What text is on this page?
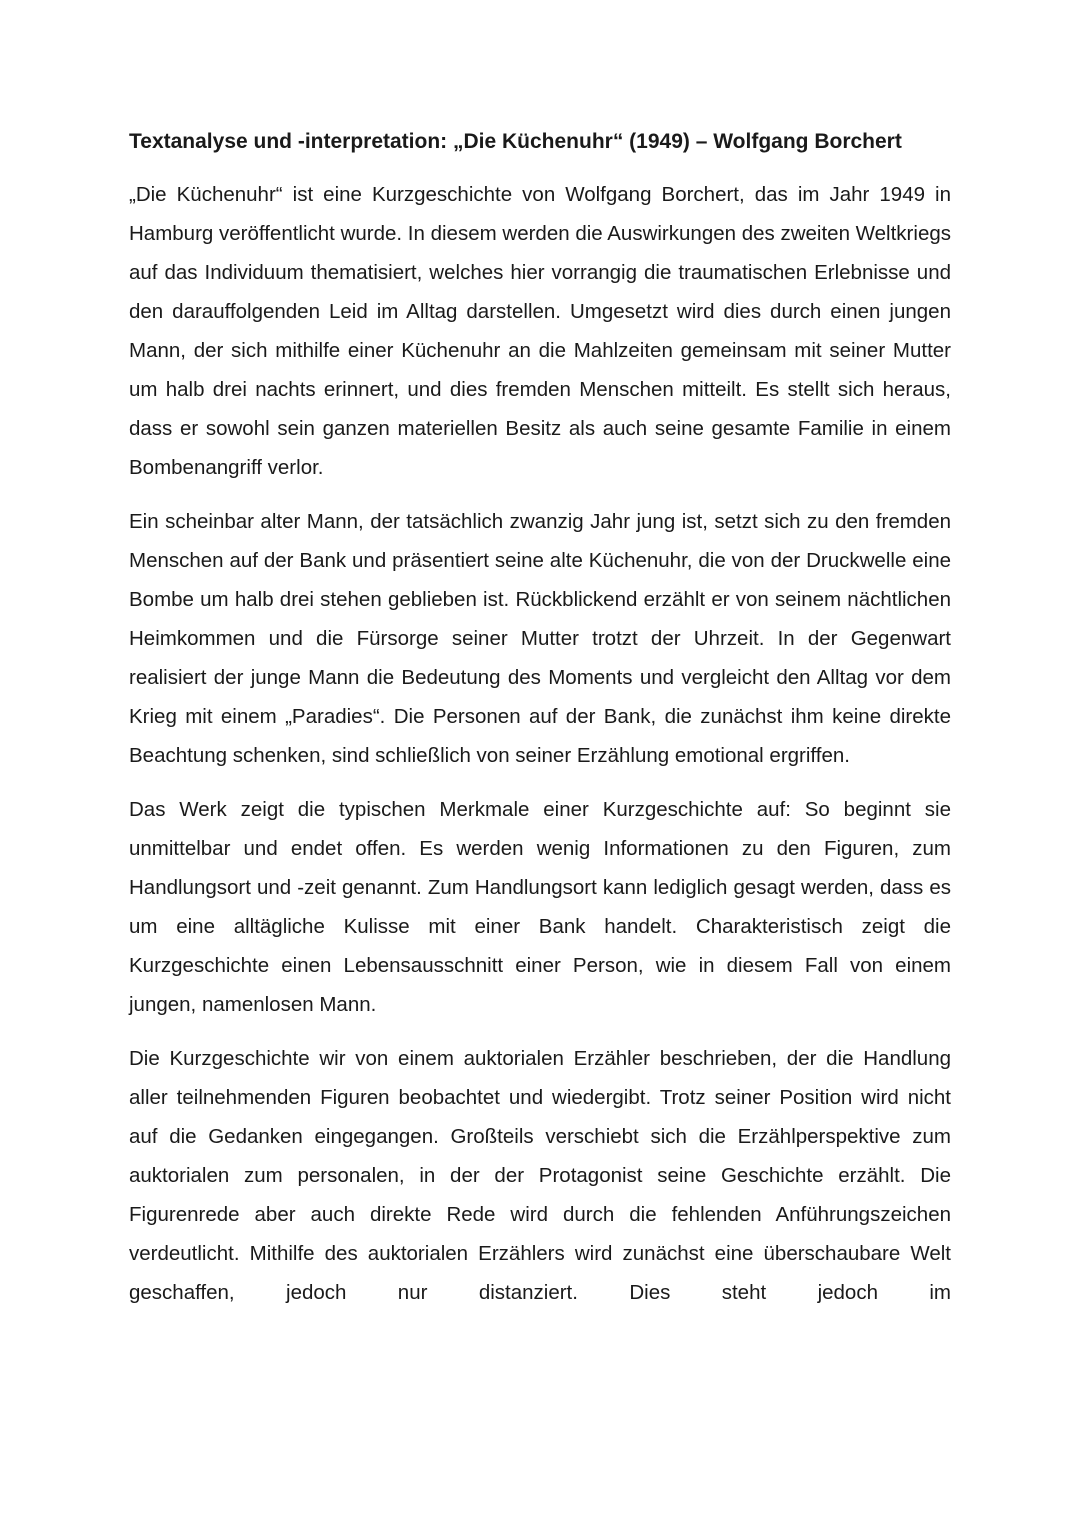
Textanalyse und -interpretation: „Die Küchenuhr“ (1949) – Wolfgang Borchert

„Die Küchenuhr“ ist eine Kurzgeschichte von Wolfgang Borchert, das im Jahr 1949 in Hamburg veröffentlicht wurde. In diesem werden die Auswirkungen des zweiten Weltkriegs auf das Individuum thematisiert, welches hier vorrangig die traumatischen Erlebnisse und den darauffolgenden Leid im Alltag darstellen. Umgesetzt wird dies durch einen jungen Mann, der sich mithilfe einer Küchenuhr an die Mahlzeiten gemeinsam mit seiner Mutter um halb drei nachts erinnert, und dies fremden Menschen mitteilt. Es stellt sich heraus, dass er sowohl sein ganzen materiellen Besitz als auch seine gesamte Familie in einem Bombenangriff verlor.

Ein scheinbar alter Mann, der tatsächlich zwanzig Jahr jung ist, setzt sich zu den fremden Menschen auf der Bank und präsentiert seine alte Küchenuhr, die von der Druckwelle eine Bombe um halb drei stehen geblieben ist. Rückblickend erzählt er von seinem nächtlichen Heimkommen und die Fürsorge seiner Mutter trotzt der Uhrzeit. In der Gegenwart realisiert der junge Mann die Bedeutung des Moments und vergleicht den Alltag vor dem Krieg mit einem „Paradies“. Die Personen auf der Bank, die zunächst ihm keine direkte Beachtung schenken, sind schließlich von seiner Erzählung emotional ergriffen.

Das Werk zeigt die typischen Merkmale einer Kurzgeschichte auf: So beginnt sie unmittelbar und endet offen. Es werden wenig Informationen zu den Figuren, zum Handlungsort und -zeit genannt. Zum Handlungsort kann lediglich gesagt werden, dass es um eine alltägliche Kulisse mit einer Bank handelt. Charakteristisch zeigt die Kurzgeschichte einen Lebensausschnitt einer Person, wie in diesem Fall von einem jungen, namenlosen Mann.

Die Kurzgeschichte wir von einem auktorialen Erzähler beschrieben, der die Handlung aller teilnehmenden Figuren beobachtet und wiedergibt. Trotz seiner Position wird nicht auf die Gedanken eingegangen. Großteils verschiebt sich die Erzählperspektive zum auktorialen zum personalen, in der der Protagonist seine Geschichte erzählt. Die Figurenrede aber auch direkte Rede wird durch die fehlenden Anführungszeichen verdeutlicht. Mithilfe des auktorialen Erzählers wird zunächst eine überschaubare Welt geschaffen, jedoch nur distanziert. Dies steht jedoch im
